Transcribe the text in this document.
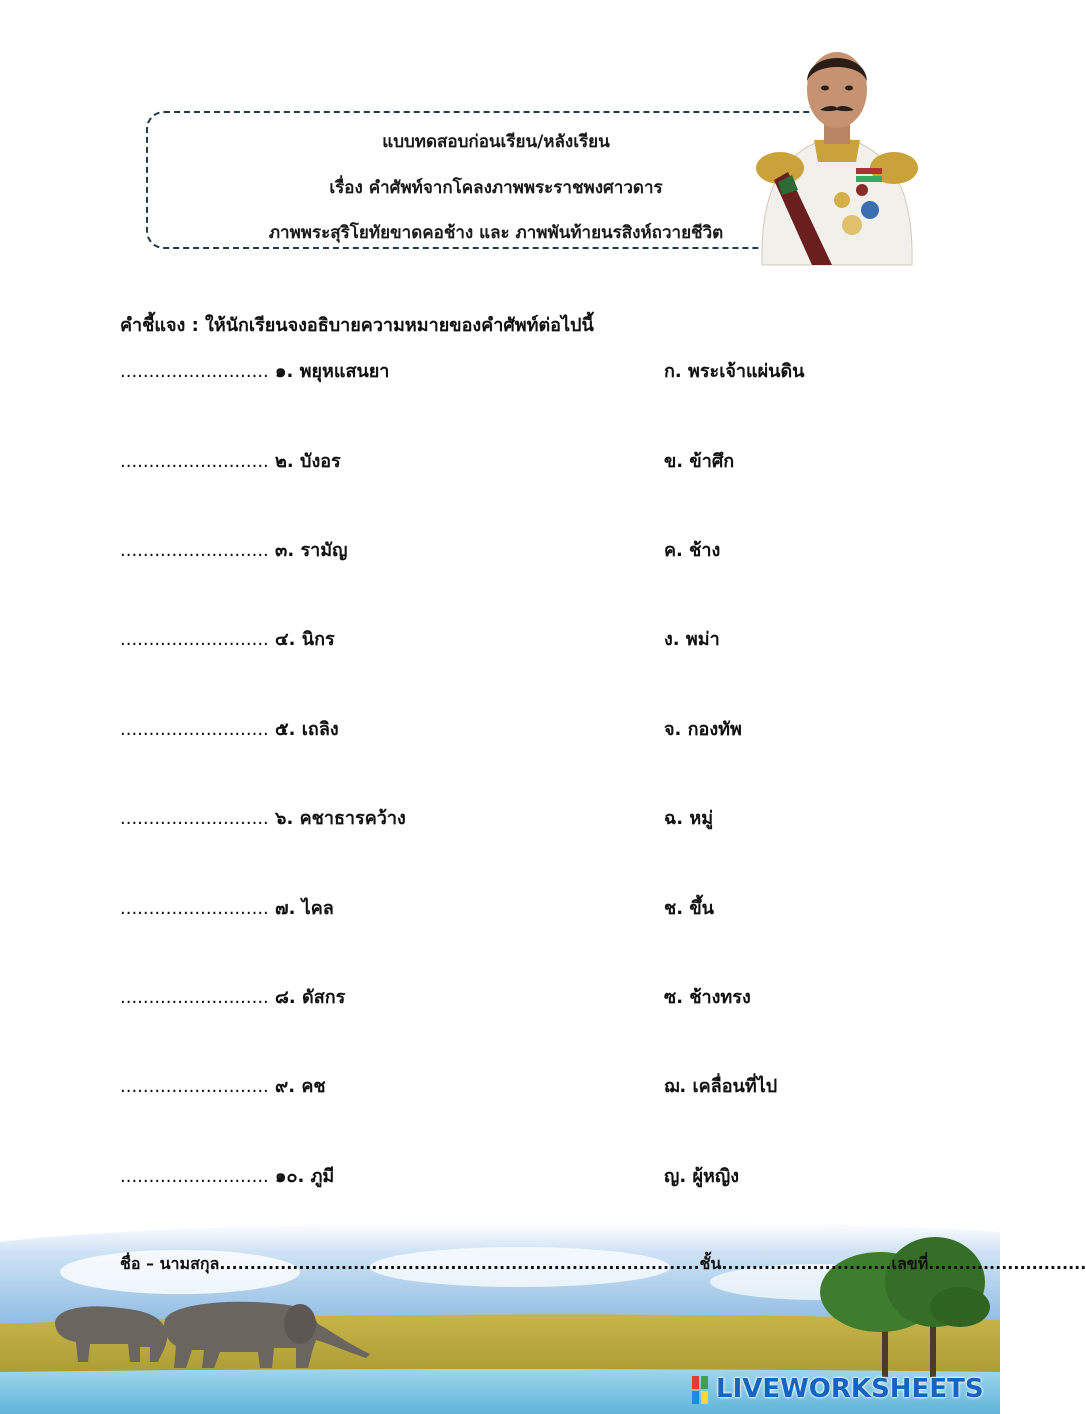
แบบทดสอบก่อนเรียน/หลังเรียน
เรื่อง คำศัพท์จากโคลงภาพพระราชพงศาวดาร
ภาพพระสุริโยทัยขาดคอช้าง และ ภาพพันท้ายนรสิงห์ถวายชีวิต
คำชี้แจง : ให้นักเรียนจงอธิบายความหมายของคำศัพท์ต่อไปนี้
.......................... ๑. พยุหแสนยา	ก. พระเจ้าแผ่นดิน
.......................... ๒. บังอร	ข. ข้าศึก
.......................... ๓. รามัญ	ค. ช้าง
.......................... ๔. นิกร	ง. พม่า
.......................... ๕. เถลิง	จ. กองทัพ
.......................... ๖. คชาธารคว้าง	ฉ. หมู่
.......................... ๗. ไคล	ช. ขึ้น
.......................... ๘. ดัสกร	ซ. ช้างทรง
.......................... ๙. คช	ฌ. เคลื่อนที่ไป
.......................... ๑๐. ภูมี	ญ. ผู้หญิง
ชื่อ – นามสกุล...............................................................................ชั้น............................เลขที่..........................
LIVEWORKSHEETS
